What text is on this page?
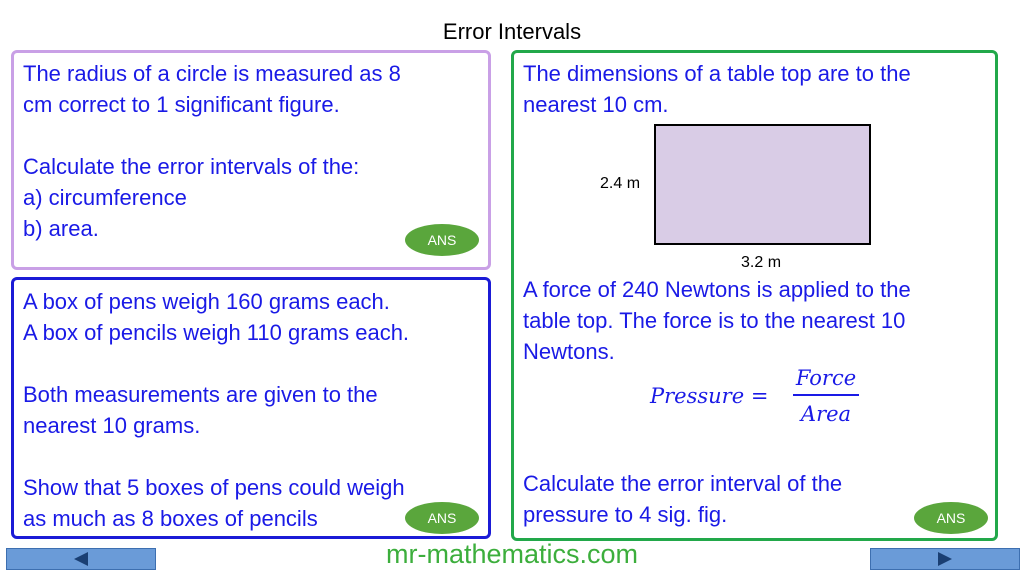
Error Intervals
The radius of a circle is measured as 8
cm correct to 1 significant figure.
Calculate the error intervals of the:
a) circumference
b) area.	ANS
A box of pens weigh 160 grams each.
A box of pencils weigh 110 grams each.
Both measurements are given to the
nearest 10 grams.
Show that 5 boxes of pens could weigh
as much as 8 boxes of pencils	ANS
The dimensions of a table top are to the
nearest 10 cm.
2.4 m
3.2 m
A force of 240 Newtons is applied to the
table top. The force is to the nearest 10
Newtons.
Pressure =
Force
Area
Calculate the error interval of the
pressure to 4 sig. fig.	ANS
mr-mathematics.com
